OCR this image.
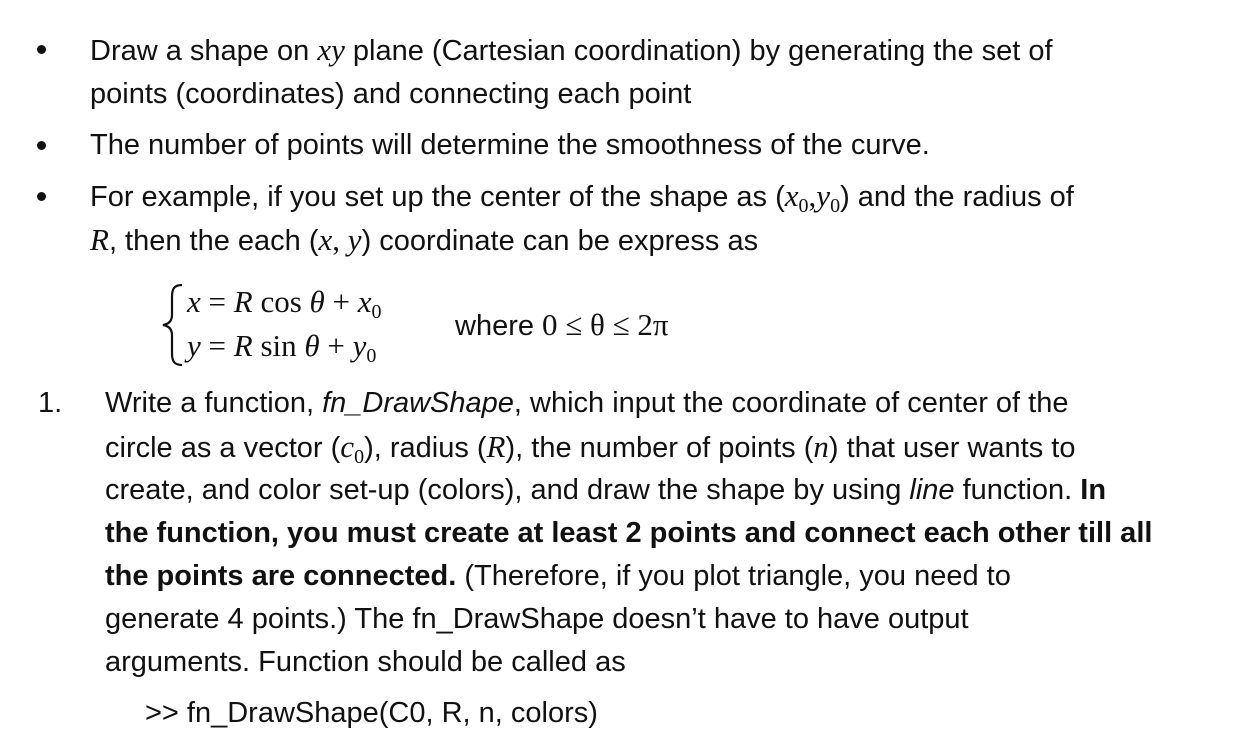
Draw a shape on xy plane (Cartesian coordination) by generating the set of
points (coordinates) and connecting each point
The number of points will determine the smoothness of the curve.
For example, if you set up the center of the shape as $(x_0,y_0)$ and the radius of
R, then the each (x, y) coordinate can be express as
x = R $\cos \theta + x_0$
y = R $\sin \theta + y_0$
where 0 ≤ θ ≤ 2π
1. Write a function, fn_DrawShape, which input the coordinate of center of the
circle as a vector $(c_0)$, radius (R), the number of points (n) that user wants to
create, and color set-up (colors), and draw the shape by using line function. In
the function, you must create at least 2 points and connect each other till all
the points are connected. (Therefore, if you plot triangle, you need to
generate 4 points.) The fn_DrawShape doesn’t have to have output
arguments. Function should be called as
>> fn_DrawShape(C0, R, n, colors)
